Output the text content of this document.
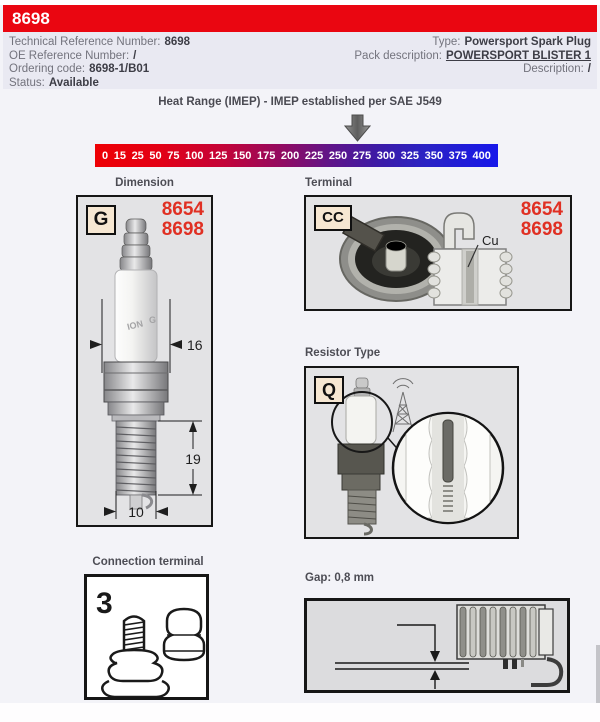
8698
Technical Reference Number: 8698
OE Reference Number: /
Ordering code: 8698-1/B01
Status: Available
Type: Powersport Spark Plug
Pack description: POWERSPORT BLISTER 1
Description: /
Heat Range (IMEP) - IMEP established per SAE J549
0 15 25 50 75 100 125 150 175 200 225 250 275 300 325 350 375 400
Dimension
ION G
16
19
10
G	8654
8698
Terminal
Cu
CC	8654
8698
Resistor Type
Q
Connection terminal
3
Gap: 0,8 mm
